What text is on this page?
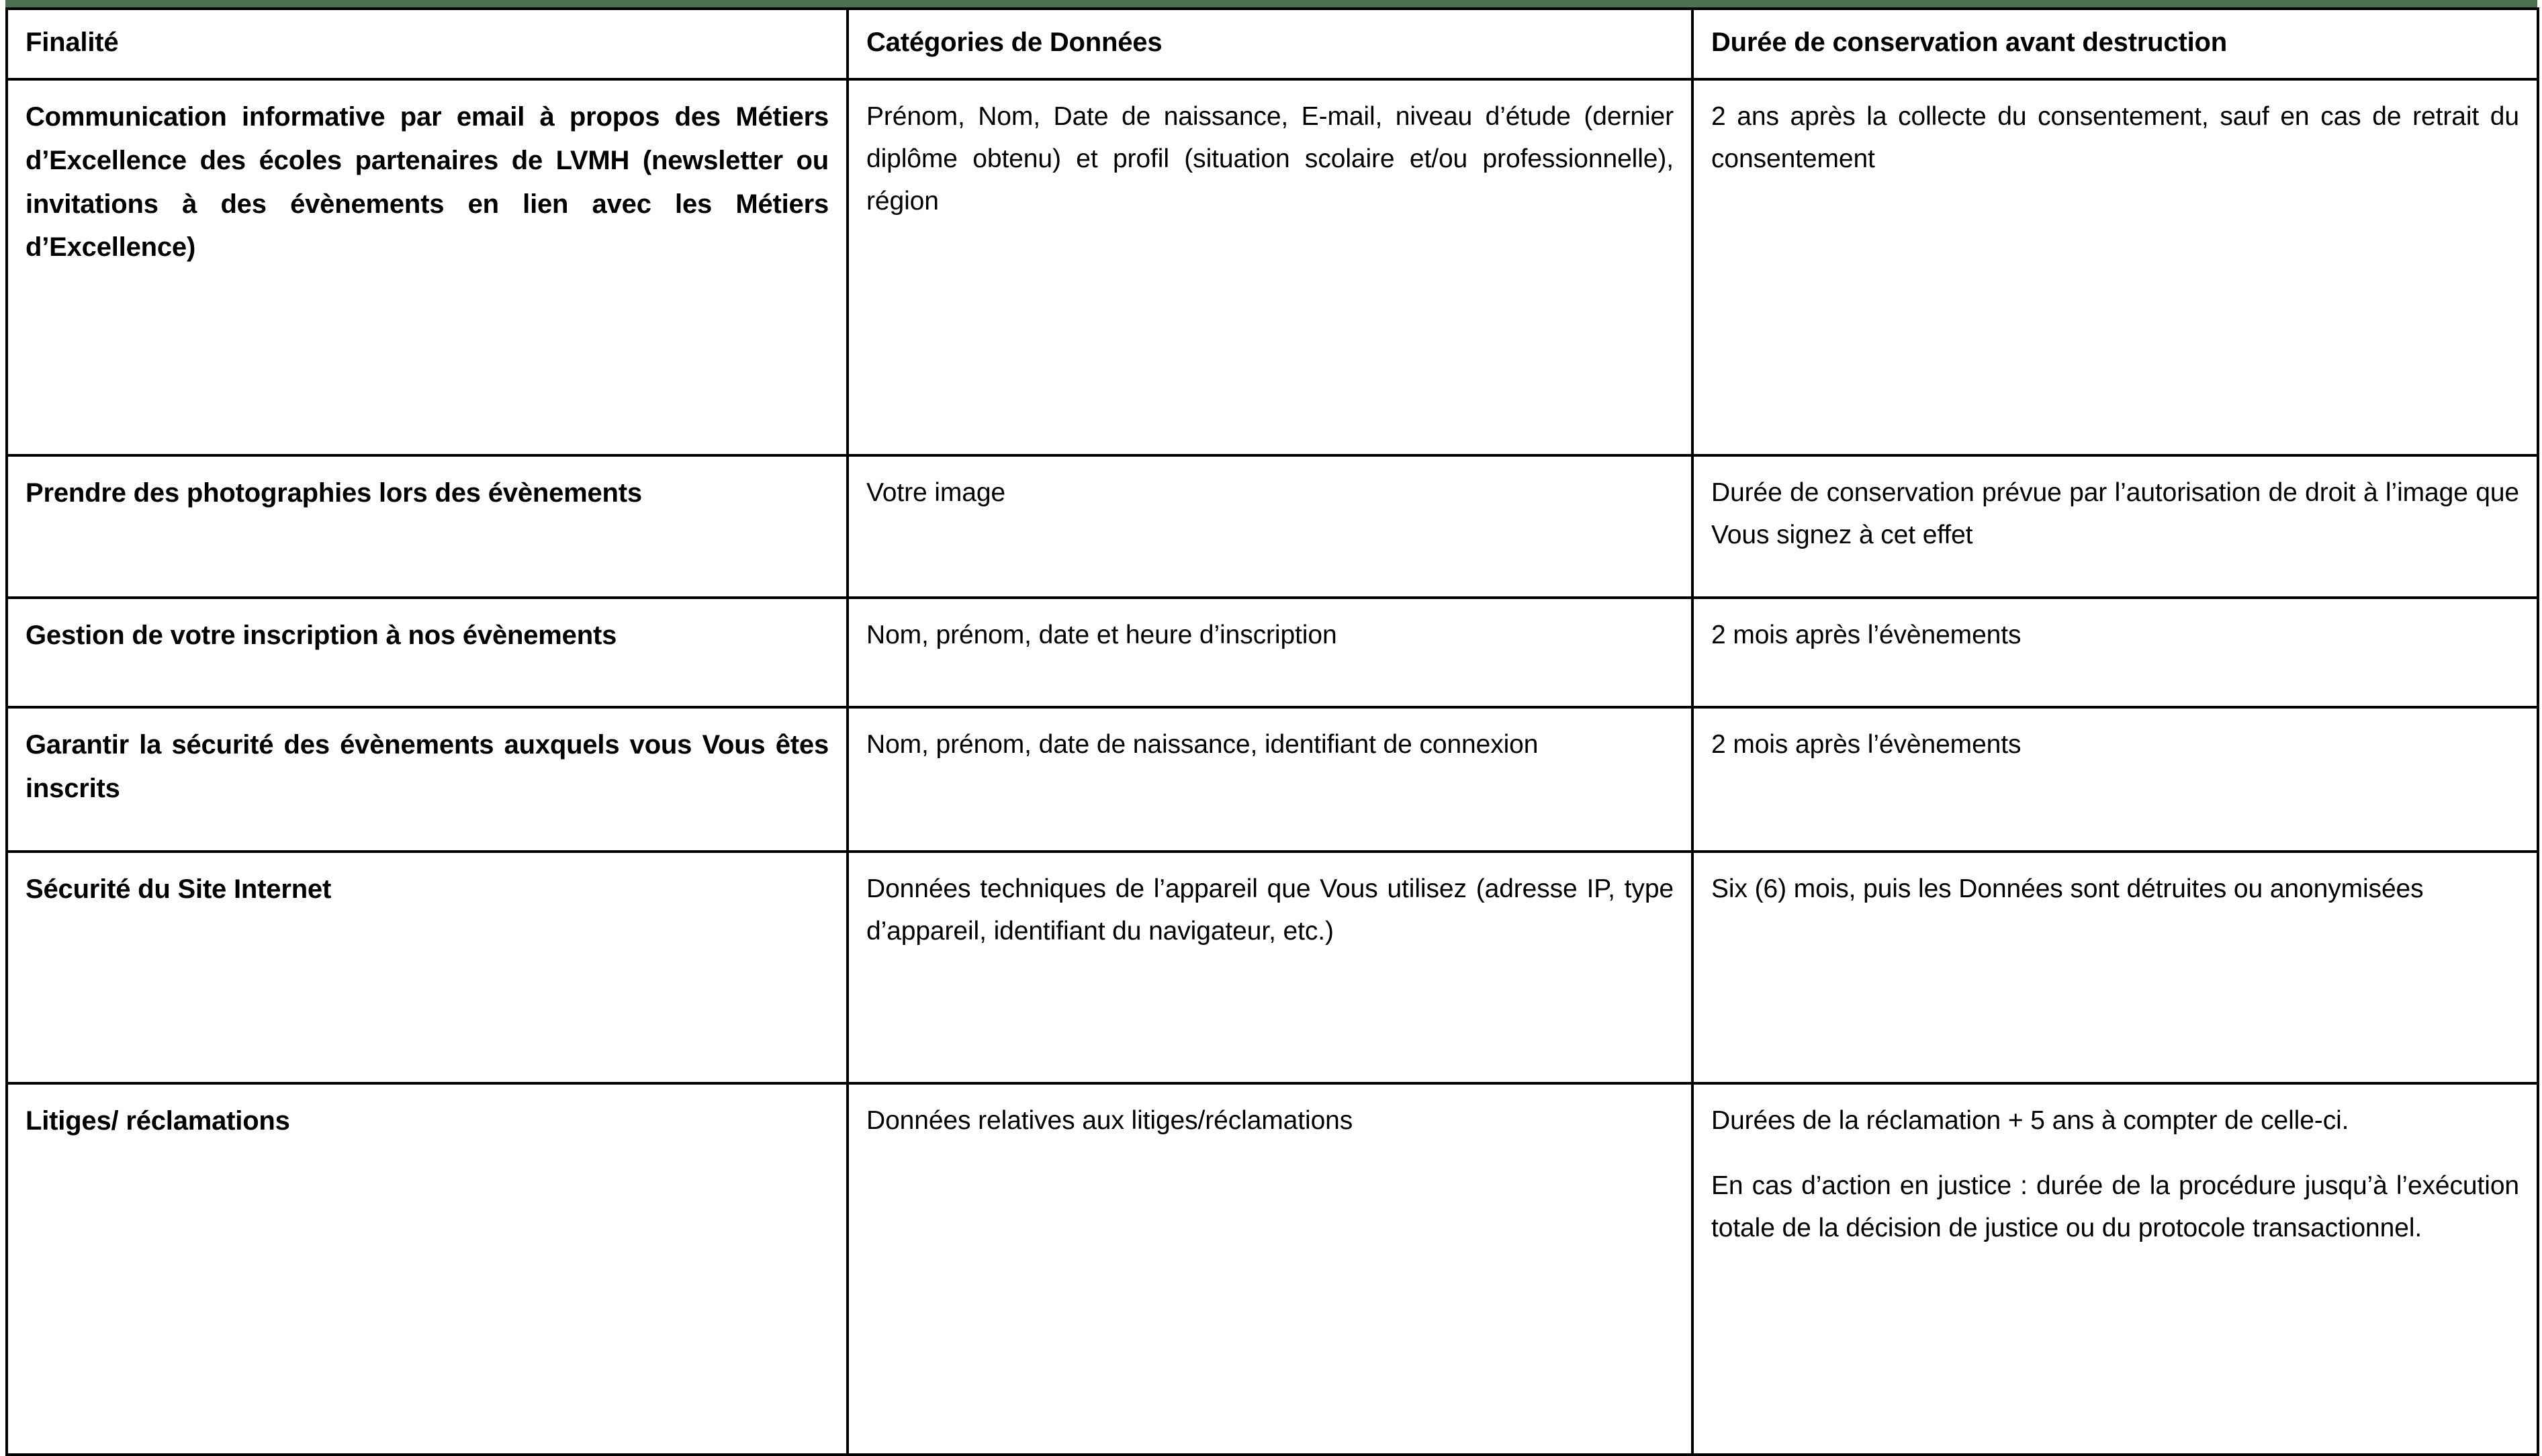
Finalité	Catégories de Données	Durée de conservation avant destruction
Communication informative par email à propos des Métiers d’Excellence des écoles partenaires de LVMH (newsletter ou invitations à des évènements en lien avec les Métiers d’Excellence)	Prénom, Nom, Date de naissance, E-mail, niveau d’étude (dernier diplôme obtenu) et profil (situation scolaire et/ou professionnelle), région	2 ans après la collecte du consentement, sauf en cas de retrait du consentement

Prendre des photographies lors des évènements	Votre image	Durée de conservation prévue par l’autorisation de droit à l’image que Vous signez à cet effet

Gestion de votre inscription à nos évènements	Nom, prénom, date et heure d’inscription	2 mois après l’évènements

Garantir la sécurité des évènements auxquels vous Vous êtes inscrits	Nom, prénom, date de naissance, identifiant de connexion	2 mois après l’évènements

Sécurité du Site Internet	Données techniques de l’appareil que Vous utilisez (adresse IP, type d’appareil, identifiant du navigateur, etc.)	Six (6) mois, puis les Données sont détruites ou anonymisées

Litiges/ réclamations	Données relatives aux litiges/réclamations	Durées de la réclamation + 5 ans à compter de celle-ci.

En cas d’action en justice : durée de la procédure jusqu’à l’exécution totale de la décision de justice ou du protocole transactionnel.
